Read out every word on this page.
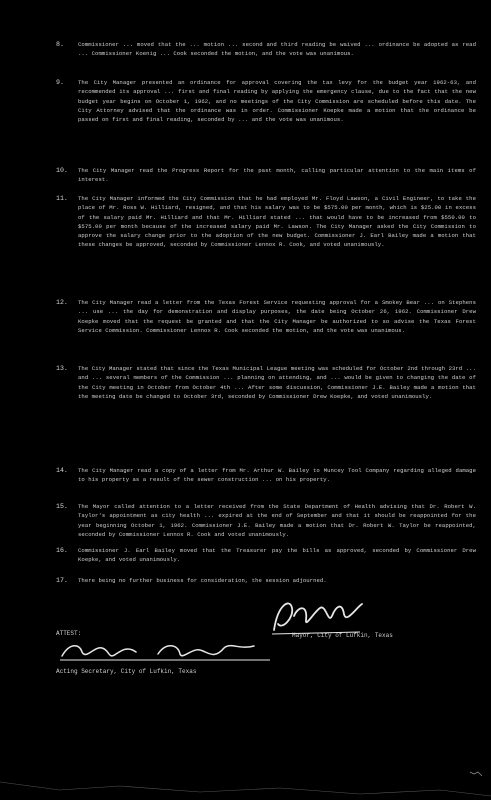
8.	Commissioner ... moved that the ... motion ... second and third reading be waived ... ordinance be adopted as read ... Commissioner Koenig ... Cook seconded the motion, and the vote was unanimous.
9.	The City Manager presented an ordinance for approval covering the tax levy for the budget year 1962-63, and recommended its approval ... first and final reading by applying the emergency clause, due to the fact that the new budget year begins on October 1, 1962, and no meetings of the City Commission are scheduled before this date. The City Attorney advised that the ordinance was in order. Commissioner Koepke made a motion that the ordinance be passed on first and final reading, seconded by ... and the vote was unanimous.
10. The City Manager read the Progress Report for the past month, calling particular attention to the main items of interest.
11. The City Manager informed the City Commission that he had employed Mr. Floyd Lawson, a Civil Engineer, to take the place of Mr. Ross W. Hilliard, resigned, and that his salary was to be $575.00 per month, which is $25.00 in excess of the salary paid Mr. Hilliard and that Mr. Hilliard stated ... that would have to be increased from $550.00 to $575.00 per month because of the increased salary paid Mr. Lawson. The City Manager asked the City Commission to approve the salary change prior to the adoption of the new budget. Commissioner J. Earl Bailey made a motion that these changes be approved, seconded by Commissioner Lennox R. Cook, and voted unanimously.
12. The City Manager read a letter from the Texas Forest Service requesting approval for a Smokey Bear ... on Stephens ... use ... the day for demonstration and display purposes, the date being October 26, 1962. Commissioner Drew Koepke moved that the request be granted and that the City Manager be authorized to so advise the Texas Forest Service Commission. Commissioner Lennox R. Cook seconded the motion, and the vote was unanimous.
13. The City Manager stated that since the Texas Municipal League meeting was scheduled for October 2nd through 23rd ... and ... several members of the Commission ... planning on attending, and ... would be given to changing the date of the City meeting in October from October 4th ... After some discussion, Commissioner J.E. Bailey made a motion that the meeting date be changed to October 3rd, seconded by Commissioner Drew Koepke, and voted unanimously.
14. The City Manager read a copy of a letter from Mr. Arthur W. Bailey to Muncey Tool Company regarding alleged damage to his property as a result of the sewer construction ... on his property.
15. The Mayor called attention to a letter received from the State Department of Health advising that Dr. Robert W. Taylor's appointment as city health ... expired at the end of September and that it should be reappointed for the year beginning October 1, 1962. Commissioner J.E. Bailey made a motion that Dr. Robert W. Taylor be reappointed, seconded by Commissioner Lennox R. Cook and voted unanimously.
16. Commissioner J. Earl Bailey moved that the Treasurer pay the bills as approved, seconded by Commissioner Drew Koepke, and voted unanimously.
17. There being no further business for consideration, the session adjourned.
Mayor, City of Lufkin, Texas
ATTEST:
Acting Secretary, City of Lufkin, Texas
